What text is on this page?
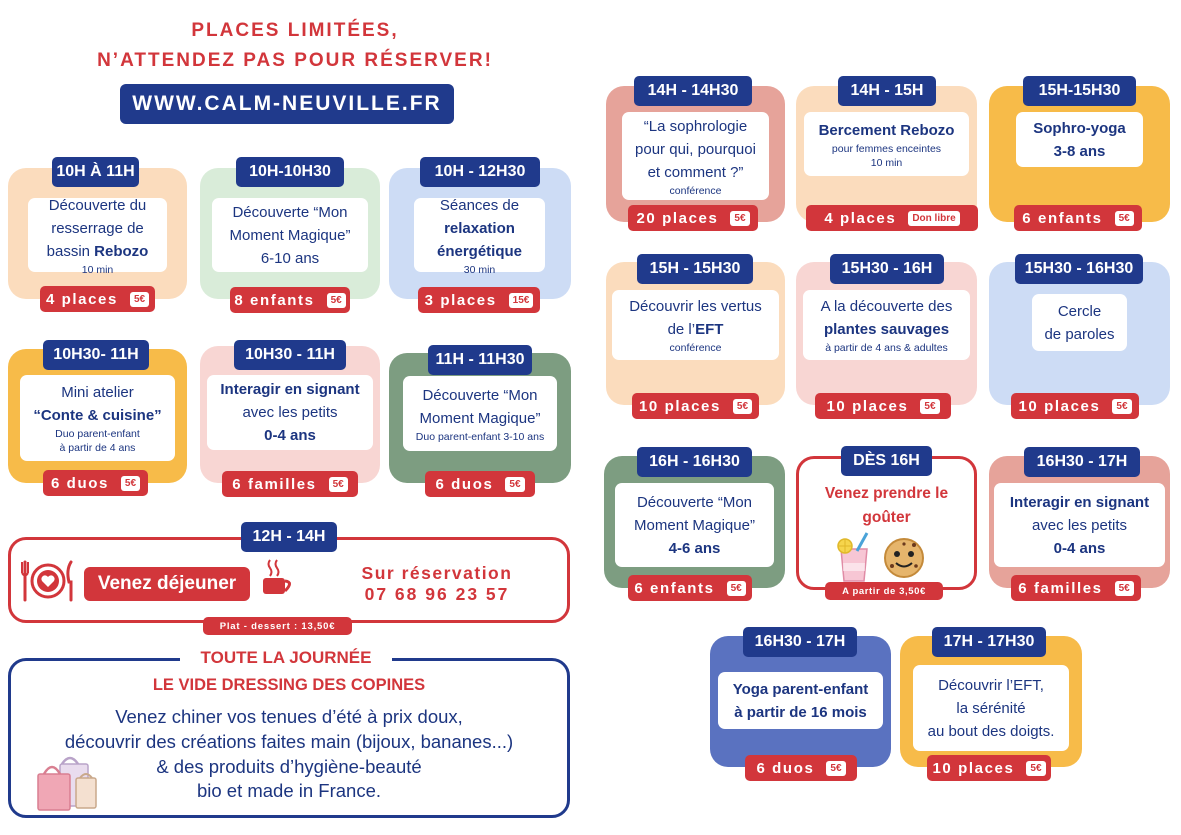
PLACES LIMITÉES,
N’ATTENDEZ PAS POUR RÉSERVER!
WWW.CALM-NEUVILLE.FR
10H À 11H
Découverte du
resserrage de
bassin Rebozo
10 min
4 places	5€
10H-10H30
Découverte “Mon
Moment Magique”
6-10 ans
8 enfants	5€
10H - 12H30
Séances de
relaxation
énergétique
30 min
3 places	15€
10H30- 11H
Mini atelier
“Conte & cuisine”
Duo parent-enfant
à partir de 4 ans
6 duos	5€
10H30 - 11H
Interagir en signant
avec les petits
0-4 ans
6 familles	5€
11H - 11H30
Découverte “Mon
Moment Magique”
Duo parent-enfant 3-10 ans
6 duos	5€
14H - 14H30
“La sophrologie
pour qui, pourquoi
et comment ?”
conférence
20 places	5€
14H - 15H
Bercement Rebozo
pour femmes enceintes
10 min
4 places	Don libre
15H-15H30
Sophro-yoga
3-8 ans
6 enfants	5€
15H - 15H30
Découvrir les vertus
de l’EFT
conférence
10 places	5€
15H30 - 16H
A la découverte des
plantes sauvages
à partir de 4 ans & adultes
10 places	5€
15H30 - 16H30
Cercle
de paroles
10 places	5€
16H - 16H30
Découverte “Mon
Moment Magique”
4-6 ans
6 enfants	5€
16H30 - 17H
Interagir en signant
avec les petits
0-4 ans
6 familles	5€
16H30 - 17H
Yoga parent-enfant
à partir de 16 mois
6 duos	5€
17H - 17H30
Découvrir l’EFT,
la sérénité
au bout des doigts.
10 places	5€
DÈS 16H
Venez prendre le
goûter
A partir de 3,50€
12H - 14H
Venez déjeuner	Sur réservation
07 68 96 23 57
Plat - dessert : 13,50€
TOUTE LA JOURNÉE
LE VIDE DRESSING DES COPINES
Venez chiner vos tenues d’été à prix doux,
découvrir des créations faites main (bijoux, bananes...)
& des produits d’hygiène-beauté
bio et made in France.
